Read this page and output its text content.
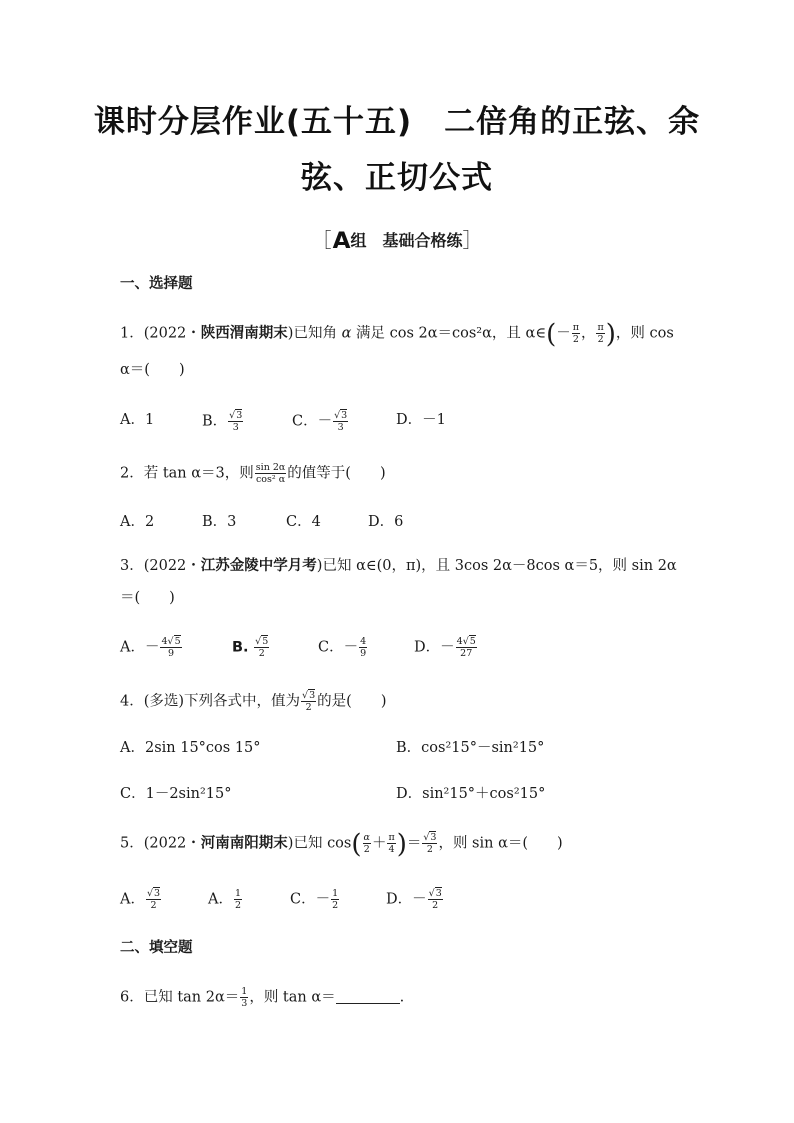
课时分层作业(五十五)　二倍角的正弦、余
弦、正切公式
［A组 基础合格练］
一、选择题
1．(2022・陕西渭南期末)已知角 α 满足 cos 2α＝cos²α，且 α∈(－ $\frac{\pi}{2}$ ， $\frac{\pi}{2}$ )，则 cos
α＝(　　)
A．1	B． $\frac{√3}{3}$	C．－ $\frac{√3}{3}$	D．－1
2．若 tan α＝3，则 $\frac{\sin 2\alpha}{\text{cos² α}}$ 的值等于(　　)
A．2	B．3	C．4	D．6
3．(2022・江苏金陵中学月考)已知 α∈(0，π)，且 3cos 2α－8cos α＝5，则 sin 2α
＝(　　)
A．－ $\frac{4√5}{9}$	B. $\frac{√5}{2}$	C．－ $\frac{4}{9}$	D．－ $\frac{4√5}{27}$
4．(多选)下列各式中，值为 $\frac{√3}{2}$ 的是(　　)
A．2sin 15°cos 15°	B．cos²15°－sin²15°
C．1－2sin²15°	D．sin²15°＋cos²15°
5．(2022・河南南阳期末)已知 $\cos( \frac{\alpha}{2} + \frac{\pi}{4}$ )＝ $\frac{√3}{2}$ ，则 sin α＝(　　)
A． $\frac{√3}{2}$	A． $\frac{1}{2}$	C．－ $\frac{1}{2}$	D．－ $\frac{√3}{2}$
二、填空题
6．已知 $\tan 2\alpha= \frac{1}{3}$ ，则 tan α＝	.
